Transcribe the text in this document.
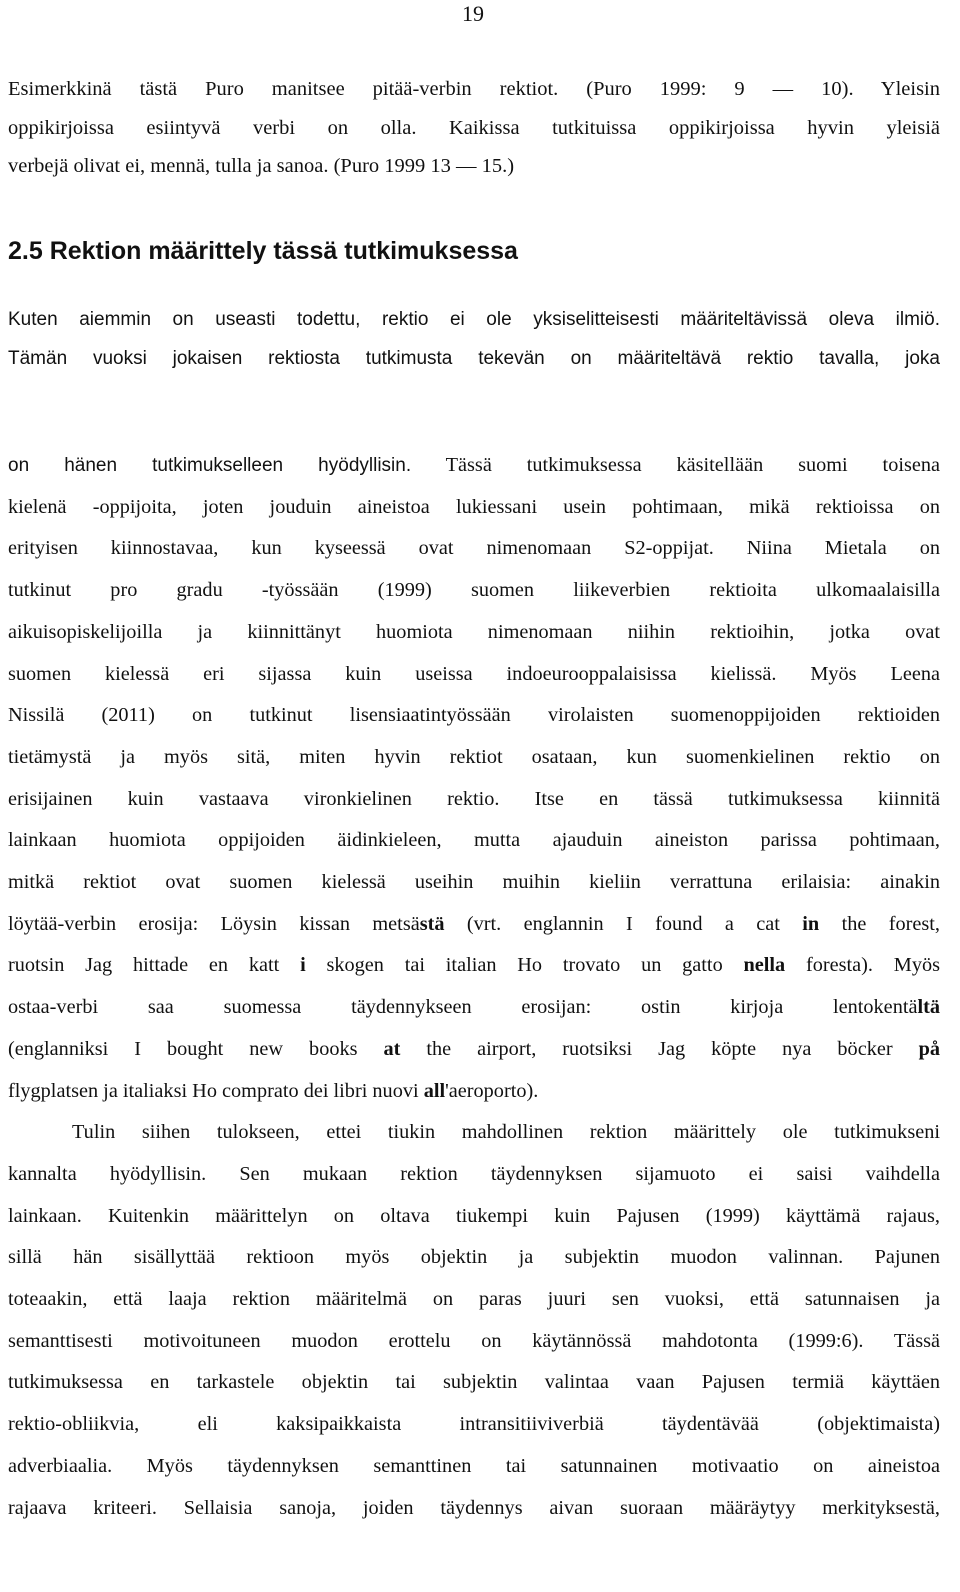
19
Esimerkkinä tästä Puro manitsee pitää-verbin rektiot. (Puro 1999: 9 — 10). Yleisin
oppikirjoissa esiintyvä verbi on olla. Kaikissa tutkituissa oppikirjoissa hyvin yleisiä
verbejä olivat ei, mennä, tulla ja sanoa. (Puro 1999 13 — 15.)
2.5 Rektion määrittely tässä tutkimuksessa
Kuten aiemmin on useasti todettu, rektio ei ole yksiselitteisesti määriteltävissä oleva ilmiö.
Tämän vuoksi jokaisen rektiosta tutkimusta tekevän on määriteltävä rektio tavalla, joka
on hänen tutkimukselleen hyödyllisin. Tässä tutkimuksessa käsitellään suomi toisena
kielenä -oppijoita, joten jouduin aineistoa lukiessani usein pohtimaan, mikä rektioissa on
erityisen kiinnostavaa, kun kyseessä ovat nimenomaan S2-oppijat. Niina Mietala on
tutkinut pro gradu -työssään (1999) suomen liikeverbien rektioita ulkomaalaisilla
aikuisopiskelijoilla ja kiinnittänyt huomiota nimenomaan niihin rektioihin, jotka ovat
suomen kielessä eri sijassa kuin useissa indoeurooppalaisissa kielissä. Myös Leena
Nissilä (2011) on tutkinut lisensiaatintyössään virolaisten suomenoppijoiden rektioiden
tietämystä ja myös sitä, miten hyvin rektiot osataan, kun suomenkielinen rektio on
erisijainen kuin vastaava vironkielinen rektio. Itse en tässä tutkimuksessa kiinnitä
lainkaan huomiota oppijoiden äidinkieleen, mutta ajauduin aineiston parissa pohtimaan,
mitkä rektiot ovat suomen kielessä useihin muihin kieliin verrattuna erilaisia: ainakin
löytää-verbin erosija: Löysin kissan metsästä (vrt. englannin I found a cat in the forest,
ruotsin Jag hittade en katt i skogen tai italian Ho trovato un gatto nella foresta). Myös
ostaa-verbi saa suomessa täydennykseen erosijan: ostin kirjoja lentokentältä
(englanniksi I bought new books at the airport, ruotsiksi Jag köpte nya böcker på
flygplatsen ja italiaksi Ho comprato dei libri nuovi all'aeroporto).
Tulin siihen tulokseen, ettei tiukin mahdollinen rektion määrittely ole tutkimukseni
kannalta hyödyllisin. Sen mukaan rektion täydennyksen sijamuoto ei saisi vaihdella
lainkaan. Kuitenkin määrittelyn on oltava tiukempi kuin Pajusen (1999) käyttämä rajaus,
sillä hän sisällyttää rektioon myös objektin ja subjektin muodon valinnan. Pajunen
toteaakin, että laaja rektion määritelmä on paras juuri sen vuoksi, että satunnaisen ja
semanttisesti motivoituneen muodon erottelu on käytännössä mahdotonta (1999:6). Tässä
tutkimuksessa en tarkastele objektin tai subjektin valintaa vaan Pajusen termiä käyttäen
rektio-obliikvia, eli kaksipaikkaista intransitiiviverbiä täydentävää (objektimaista)
adverbiaalia. Myös täydennyksen semanttinen tai satunnainen motivaatio on aineistoa
rajaava kriteeri. Sellaisia sanoja, joiden täydennys aivan suoraan määräytyy merkityksestä,
